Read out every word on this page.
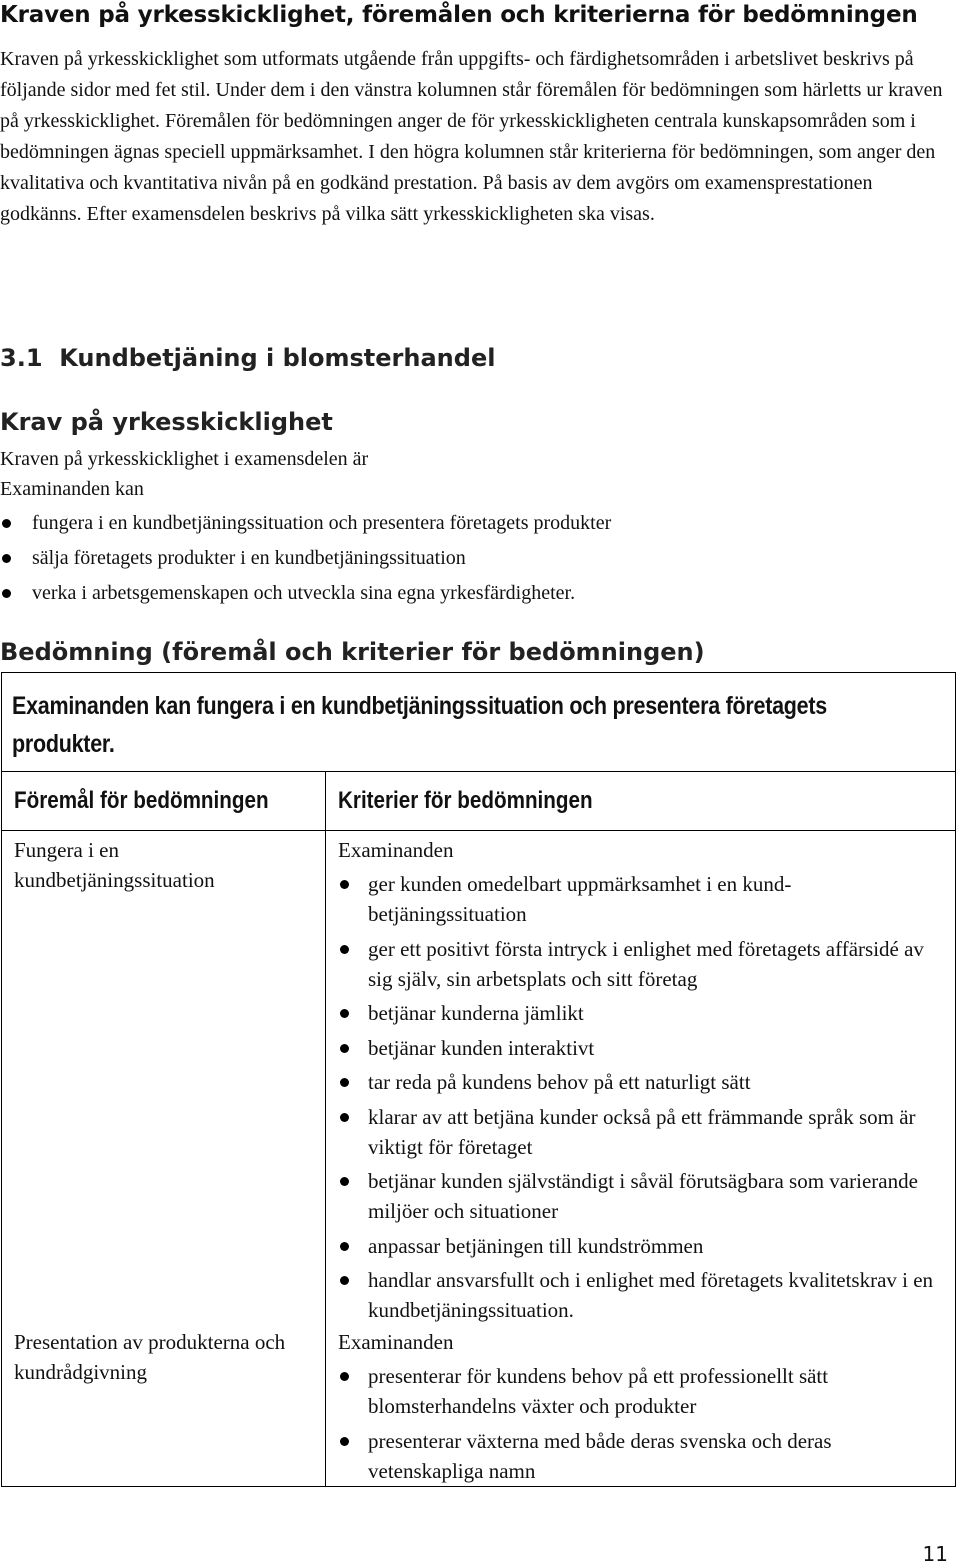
Kraven på yrkesskicklighet, föremålen och kriterierna för bedömningen
Kraven på yrkesskicklighet som utformats utgående från uppgifts- och färdighetsområden i arbetslivet beskrivs på följande sidor med fet stil. Under dem i den vänstra kolumnen står föremålen för bedömningen som härletts ur kraven på yrkesskicklighet. Föremålen för bedömningen anger de för yrkesskickligheten centrala kunskapsområden som i bedömningen ägnas speciell uppmärksamhet. I den högra kolumnen står kriterierna för bedömningen, som anger den kvalitativa och kvantitativa nivån på en godkänd prestation. På basis av dem avgörs om examensprestationen godkänns. Efter examensdelen beskrivs på vilka sätt yrkesskickligheten ska visas.
3.1  Kundbetjäning i blomsterhandel
Krav på yrkesskicklighet
Kraven på yrkesskicklighet i examensdelen är
Examinanden kan
fungera i en kundbetjäningssituation och presentera företagets produkter
sälja företagets produkter i en kundbetjäningssituation
verka i arbetsgemenskapen och utveckla sina egna yrkesfärdigheter.
Bedömning (föremål och kriterier för bedömningen)
Examinanden kan fungera i en kundbetjäningssituation och presentera företagets produkter.
Föremål för bedömningen	Kriterier för bedömningen
Fungera i en kundbetjäningssituation
Examinanden
ger kunden omedelbart uppmärksamhet i en kund-betjäningssituation
ger ett positivt första intryck i enlighet med företagets affärsidé av sig själv, sin arbetsplats och sitt företag
betjänar kunderna jämlikt
betjänar kunden interaktivt
tar reda på kundens behov på ett naturligt sätt
klarar av att betjäna kunder också på ett främmande språk som är viktigt för företaget
betjänar kunden självständigt i såväl förutsägbara som varierande miljöer och situationer
anpassar betjäningen till kundströmmen
handlar ansvarsfullt och i enlighet med företagets kvalitetskrav i en kundbetjäningssituation.
Presentation av produkterna och kundrådgivning
Examinanden
presenterar för kundens behov på ett professionellt sätt blomsterhandelns växter och produkter
presenterar växterna med både deras svenska och deras vetenskapliga namn
11
